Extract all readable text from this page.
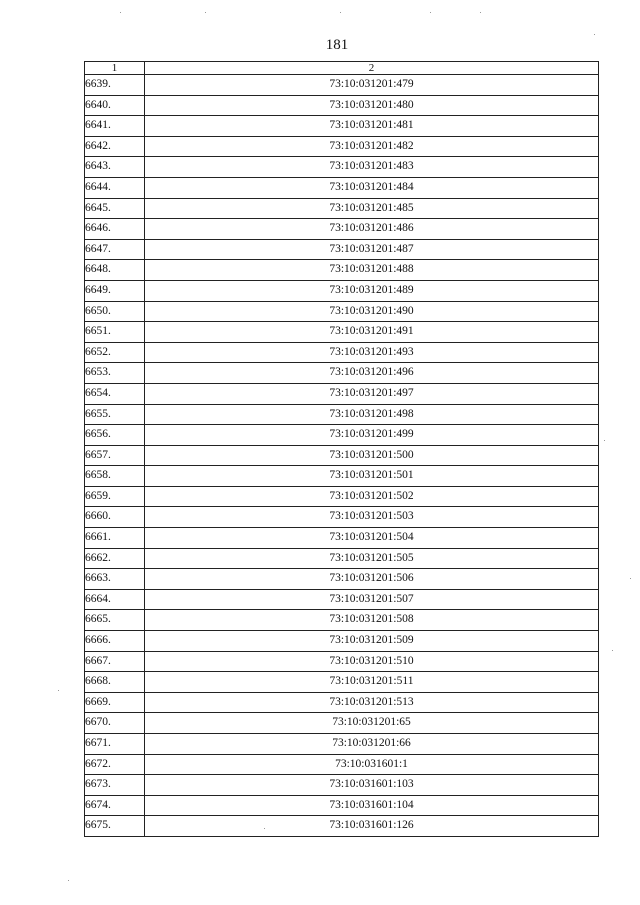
181
1	2
6639.	73:10:031201:479
6640.	73:10:031201:480
6641.	73:10:031201:481
6642.	73:10:031201:482
6643.	73:10:031201:483
6644.	73:10:031201:484
6645.	73:10:031201:485
6646.	73:10:031201:486
6647.	73:10:031201:487
6648.	73:10:031201:488
6649.	73:10:031201:489
6650.	73:10:031201:490
6651.	73:10:031201:491
6652.	73:10:031201:493
6653.	73:10:031201:496
6654.	73:10:031201:497
6655.	73:10:031201:498
6656.	73:10:031201:499
6657.	73:10:031201:500
6658.	73:10:031201:501
6659.	73:10:031201:502
6660.	73:10:031201:503
6661.	73:10:031201:504
6662.	73:10:031201:505
6663.	73:10:031201:506
6664.	73:10:031201:507
6665.	73:10:031201:508
6666.	73:10:031201:509
6667.	73:10:031201:510
6668.	73:10:031201:511
6669.	73:10:031201:513
6670.	73:10:031201:65
6671.	73:10:031201:66
6672.	73:10:031601:1
6673.	73:10:031601:103
6674.	73:10:031601:104
6675.	73:10:031601:126
